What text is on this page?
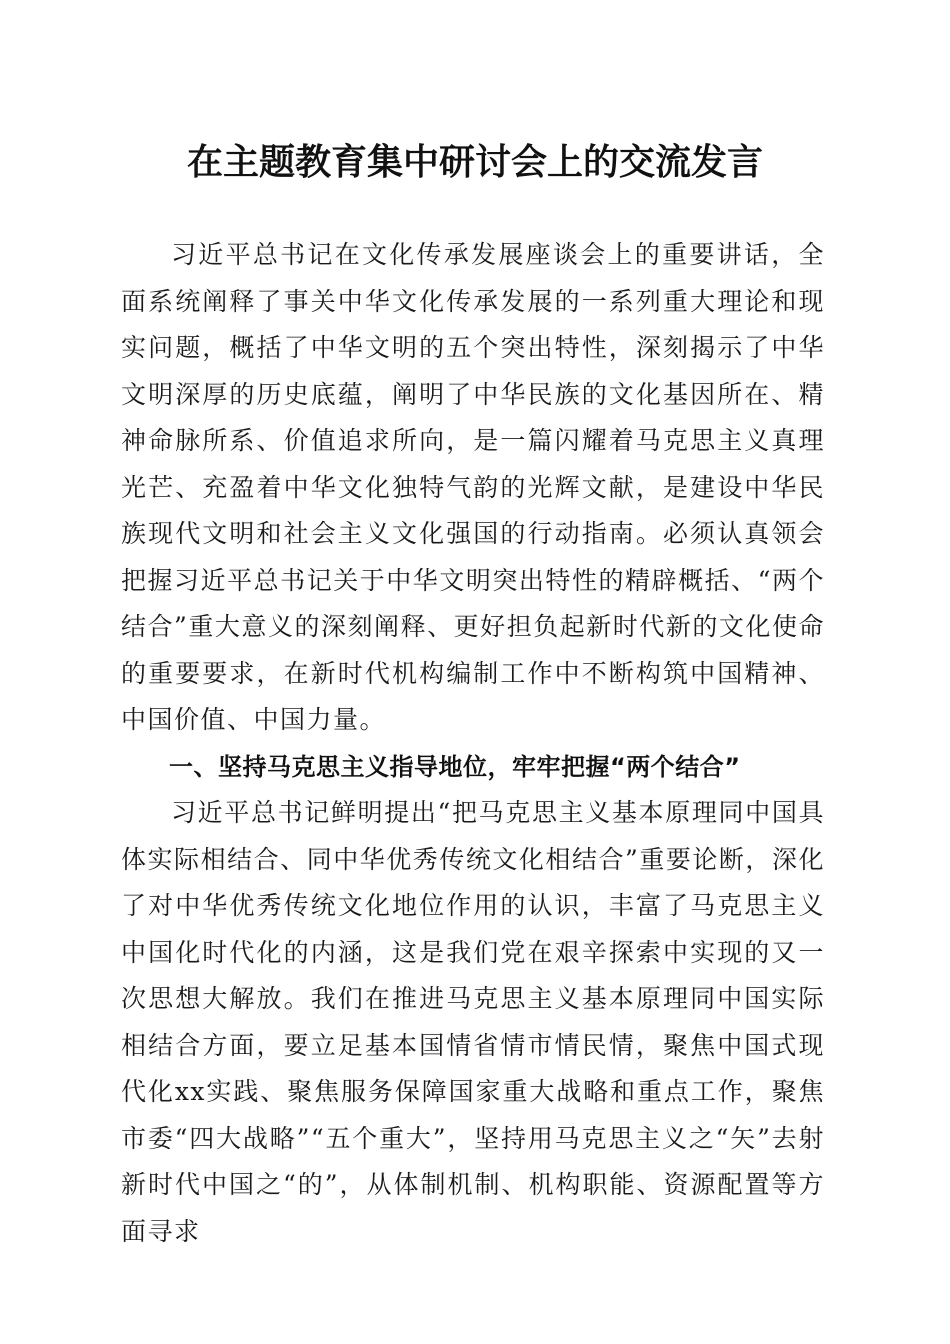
在主题教育集中研讨会上的交流发言

习近平总书记在文化传承发展座谈会上的重要讲话，全面系统阐释了事关中华文化传承发展的一系列重大理论和现实问题，概括了中华文明的五个突出特性，深刻揭示了中华文明深厚的历史底蕴，阐明了中华民族的文化基因所在、精神命脉所系、价值追求所向，是一篇闪耀着马克思主义真理光芒、充盈着中华文化独特气韵的光辉文献，是建设中华民族现代文明和社会主义文化强国的行动指南。必须认真领会把握习近平总书记关于中华文明突出特性的精辟概括、“两个结合”重大意义的深刻阐释、更好担负起新时代新的文化使命的重要要求，在新时代机构编制工作中不断构筑中国精神、中国价值、中国力量。

一、坚持马克思主义指导地位，牢牢把握“两个结合”

习近平总书记鲜明提出“把马克思主义基本原理同中国具体实际相结合、同中华优秀传统文化相结合”重要论断，深化了对中华优秀传统文化地位作用的认识，丰富了马克思主义中国化时代化的内涵，这是我们党在艰辛探索中实现的又一次思想大解放。我们在推进马克思主义基本原理同中国实际相结合方面，要立足基本国情省情市情民情，聚焦中国式现代化xx实践、聚焦服务保障国家重大战略和重点工作，聚焦市委“四大战略”“五个重大”，坚持用马克思主义之“矢”去射新时代中国之“的”，从体制机制、机构职能、资源配置等方面寻求
